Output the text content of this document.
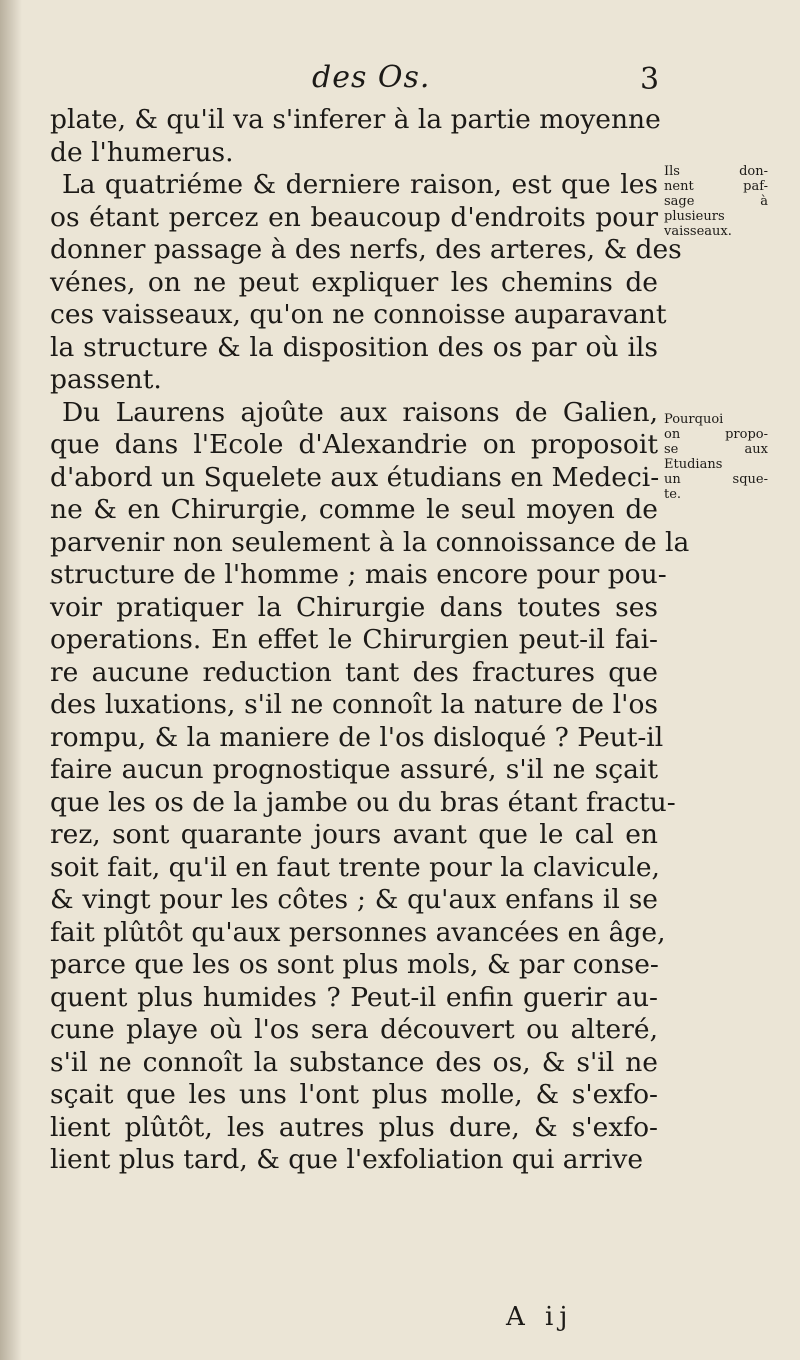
des Os.	3
plate, & qu'il va s'inferer à la partie moyenne
de l'humerus.
La quatriéme & derniere raison, est que les
os étant percez en beaucoup d'endroits pour
donner passage à des nerfs, des arteres, & des
vénes, on ne peut expliquer les chemins de
ces vaisseaux, qu'on ne connoisse auparavant
la structure & la disposition des os par où ils
passent.
Du Laurens ajoûte aux raisons de Galien,
que dans l'Ecole d'Alexandrie on proposoit
d'abord un Squelete aux étudians en Medeci-
ne & en Chirurgie, comme le seul moyen de
parvenir non seulement à la connoissance de la
structure de l'homme ; mais encore pour pou-
voir pratiquer la Chirurgie dans toutes ses
operations. En effet le Chirurgien peut-il fai-
re aucune reduction tant des fractures que
des luxations, s'il ne connoît la nature de l'os
rompu, & la maniere de l'os disloqué ? Peut-il
faire aucun prognostique assuré, s'il ne sçait
que les os de la jambe ou du bras étant fractu-
rez, sont quarante jours avant que le cal en
soit fait, qu'il en faut trente pour la clavicule,
& vingt pour les côtes ; & qu'aux enfans il se
fait plûtôt qu'aux personnes avancées en âge,
parce que les os sont plus mols, & par conse-
quent plus humides ? Peut-il enfin guerir au-
cune playe où l'os sera découvert ou alteré,
s'il ne connoît la substance des os, & s'il ne
sçait que les uns l'ont plus molle, & s'exfo-
lient plûtôt, les autres plus dure, & s'exfo-
lient plus tard, & que l'exfoliation qui arrive
Ils don-
nent paf-
sage à
plusieurs
vaisseaux.
Pourquoi
on propo-
se aux
Etudians
un sque-
te.
A ij
